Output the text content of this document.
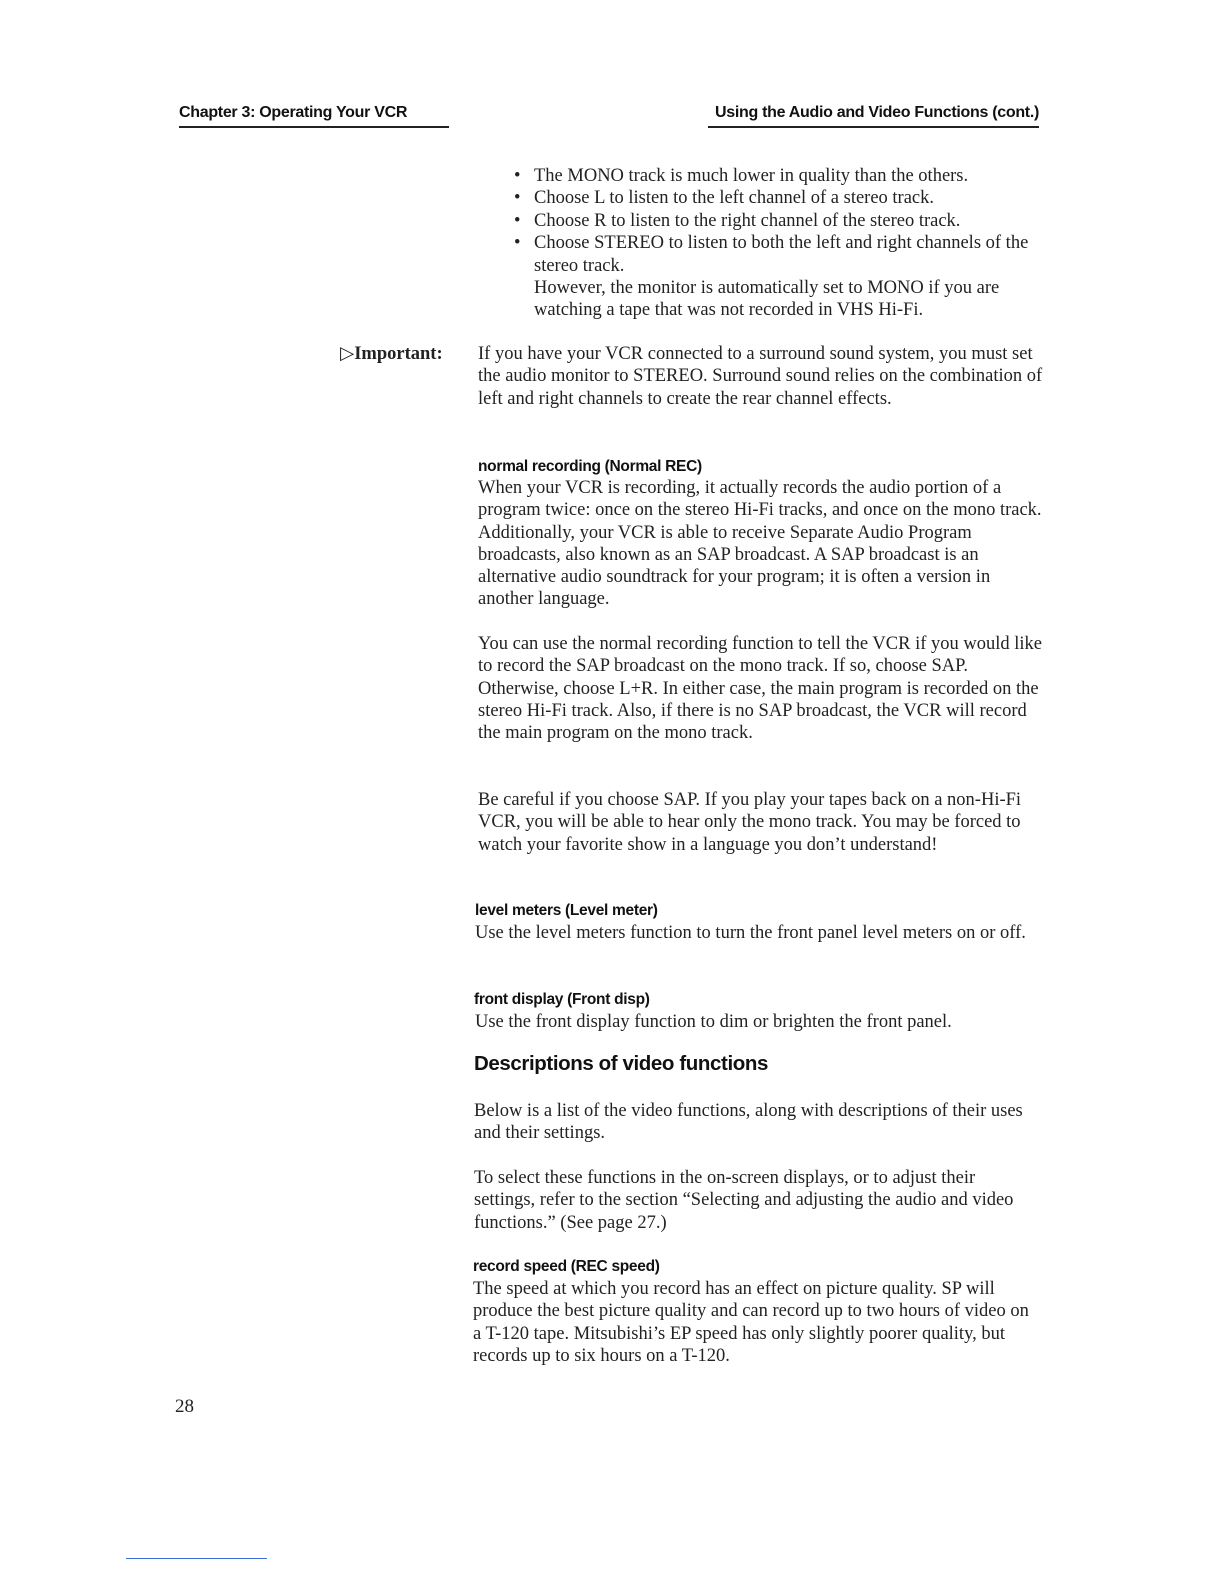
Chapter 3: Operating Your VCR	Using the Audio and Video Functions (cont.)
• The MONO track is much lower in quality than the others.
• Choose L to listen to the left channel of a stereo track.
• Choose R to listen to the right channel of the stereo track.
• Choose STEREO to listen to both the left and right channels of the stereo track.
However, the monitor is automatically set to MONO if you are watching a tape that was not recorded in VHS Hi-Fi.
▷Important: If you have your VCR connected to a surround sound system, you must set the audio monitor to STEREO. Surround sound relies on the combination of left and right channels to create the rear channel effects.

normal recording (Normal REC)

When your VCR is recording, it actually records the audio portion of a program twice: once on the stereo Hi-Fi tracks, and once on the mono track. Additionally, your VCR is able to receive Separate Audio Program broadcasts, also known as an SAP broadcast. A SAP broadcast is an alternative audio soundtrack for your program; it is often a version in another language.

You can use the normal recording function to tell the VCR if you would like to record the SAP broadcast on the mono track. If so, choose SAP. Otherwise, choose L+R. In either case, the main program is recorded on the stereo Hi-Fi track. Also, if there is no SAP broadcast, the VCR will record the main program on the mono track.

Be careful if you choose SAP. If you play your tapes back on a non-Hi-Fi VCR, you will be able to hear only the mono track. You may be forced to watch your favorite show in a language you don’t understand!

level meters (Level meter)

Use the level meters function to turn the front panel level meters on or off.

front display (Front disp)

Use the front display function to dim or brighten the front panel.

Descriptions of video functions

Below is a list of the video functions, along with descriptions of their uses and their settings.

To select these functions in the on-screen displays, or to adjust their settings, refer to the section “Selecting and adjusting the audio and video functions.” (See page 27.)

record speed (REC speed)

The speed at which you record has an effect on picture quality. SP will produce the best picture quality and can record up to two hours of video on a T-120 tape. Mitsubishi’s EP speed has only slightly poorer quality, but records up to six hours on a T-120.

28
